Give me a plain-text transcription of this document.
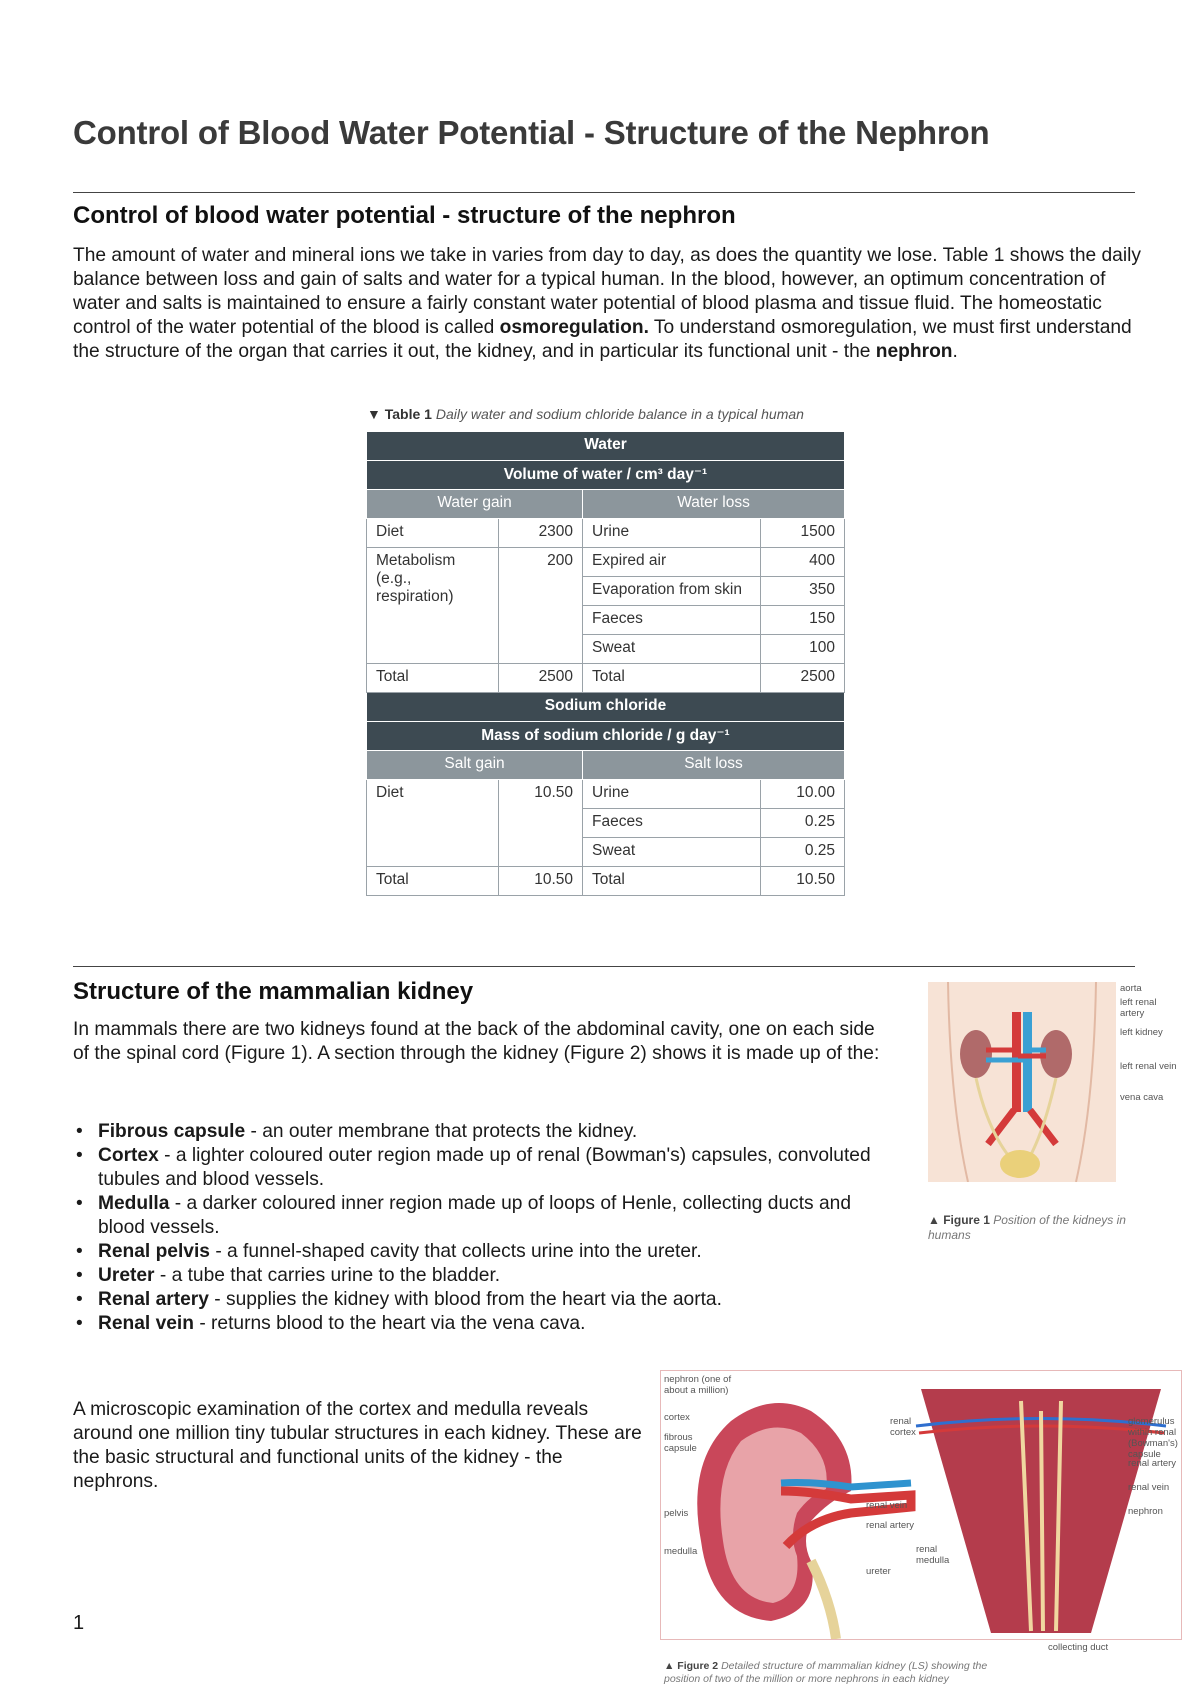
Control of Blood Water Potential - Structure of the Nephron
Control of blood water potential - structure of the nephron

The amount of water and mineral ions we take in varies from day to day, as does the quantity we lose. Table 1 shows the daily balance between loss and gain of salts and water for a typical human. In the blood, however, an optimum concentration of water and salts is maintained to ensure a fairly constant water potential of blood plasma and tissue fluid. The homeostatic control of the water potential of the blood is called osmoregulation. To understand osmoregulation, we must first understand the structure of the organ that carries it out, the kidney, and in particular its functional unit - the nephron.

▼ Table 1 Daily water and sodium chloride balance in a typical human
Water			
Volume of water / cm³ day⁻¹			
Water gain		Water loss	
Diet	2300	Urine	1500
Metabolism
(e.g., respiration)	200	Expired air	400
		Evaporation from skin	350
		Faeces	150
		Sweat	100
Total	2500	Total	2500
Sodium chloride			
Mass of sodium chloride / g day⁻¹			
Salt gain		Salt loss	
Diet	10.50	Urine	10.00
		Faeces	0.25
		Sweat	0.25
Total	10.50	Total	10.50
Structure of the mammalian kidney

In mammals there are two kidneys found at the back of the abdominal cavity, one on each side of the spinal cord (Figure 1). A section through the kidney (Figure 2) shows it is made up of the:

• Fibrous capsule - an outer membrane that protects the kidney.
• Cortex - a lighter coloured outer region made up of renal (Bowman's) capsules, convoluted tubules and blood vessels.
• Medulla - a darker coloured inner region made up of loops of Henle, collecting ducts and blood vessels.
• Renal pelvis - a funnel-shaped cavity that collects urine into the ureter.
• Ureter - a tube that carries urine to the bladder.
• Renal artery - supplies the kidney with blood from the heart via the aorta.
• Renal vein - returns blood to the heart via the vena cava.

A microscopic examination of the cortex and medulla reveals around one million tiny tubular structures in each kidney. These are the basic structural and functional units of the kidney - the nephrons.

1
aorta
left renal artery
left kidney
left renal vein
vena cava
▲ Figure 1 Position of the kidneys in humans
nephron (one of about a million)
cortex
fibrous capsule
pelvis
medulla
renal cortex
renal vein
renal artery
ureter
renal medulla
glomerulus within renal (Bowman's) capsule
renal artery
renal vein
nephron
collecting duct
▲ Figure 2 Detailed structure of mammalian kidney (LS) showing the position of two of the million or more nephrons in each kidney
